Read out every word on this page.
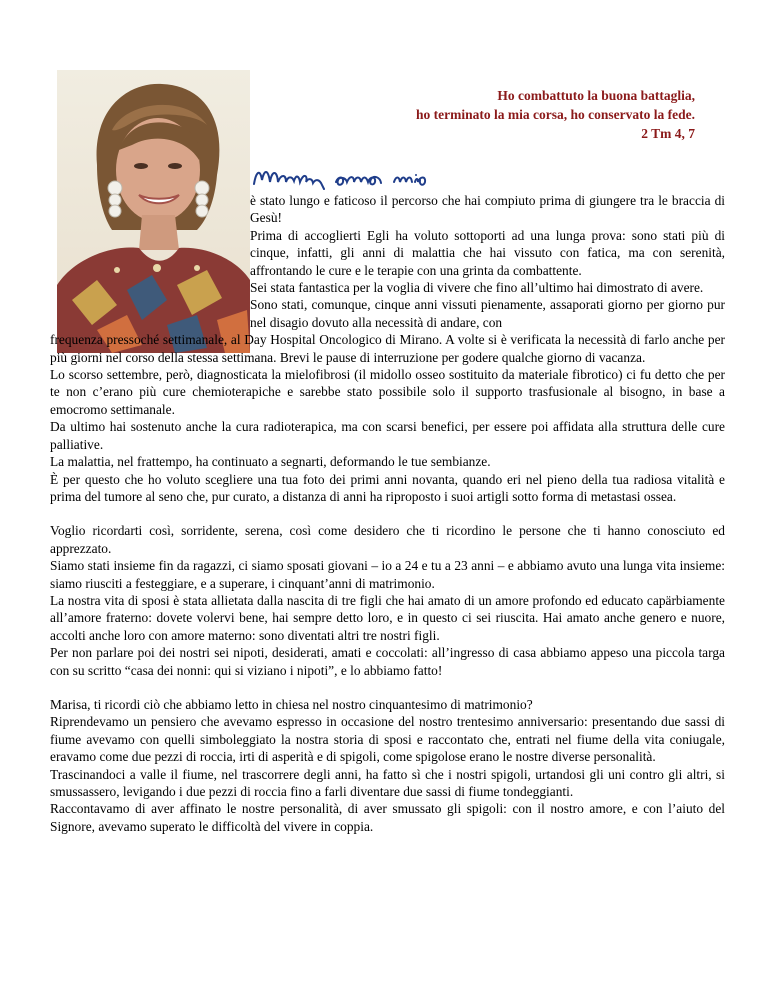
Ho combattuto la buona battaglia,
ho terminato la mia corsa, ho conservato la fede.
2 Tm 4, 7

è stato lungo e faticoso il percorso che hai compiuto prima di giungere tra le braccia di Gesù!

Prima di accoglierti Egli ha voluto sottoporti ad una lunga prova: sono stati più di cinque, infatti, gli anni di malattia che hai vissuto con fatica, ma con serenità, affrontando le cure e le terapie con una grinta da combattente.

Sei stata fantastica per la voglia di vivere che fino all’ultimo hai dimostrato di avere.

Sono stati, comunque, cinque anni vissuti pienamente, assaporati giorno per giorno pur nel disagio dovuto alla necessità di andare, con

frequenza pressoché settimanale, al Day Hospital Oncologico di Mirano. A volte si è verificata la necessità di farlo anche per più giorni nel corso della stessa settimana. Brevi le pause di interruzione per godere qualche giorno di vacanza.

Lo scorso settembre, però, diagnosticata la mielofibrosi (il midollo osseo sostituito da materiale fibrotico) ci fu detto che per te non c’erano più cure chemioterapiche e sarebbe stato possibile solo il supporto trasfusionale al bisogno, in base a emocromo settimanale.

Da ultimo hai sostenuto anche la cura radioterapica, ma con scarsi benefici, per essere poi affidata alla struttura delle cure palliative.

La malattia, nel frattempo, ha continuato a segnarti, deformando le tue sembianze.

È per questo che ho voluto scegliere una tua foto dei primi anni novanta, quando eri nel pieno della tua radiosa vitalità e prima del tumore al seno che, pur curato, a distanza di anni ha riproposto i suoi artigli sotto forma di metastasi ossea.

Voglio ricordarti così, sorridente, serena, così come desidero che ti ricordino le persone che ti hanno conosciuto ed apprezzato.

Siamo stati insieme fin da ragazzi, ci siamo sposati giovani – io a 24 e tu a 23 anni – e abbiamo avuto una lunga vita insieme: siamo riusciti a festeggiare, e a superare, i cinquant’anni di matrimonio.

La nostra vita di sposi è stata allietata dalla nascita di tre figli che hai amato di un amore profondo ed educato capärbiamente all’amore fraterno: dovete volervi bene, hai sempre detto loro, e in questo ci sei riuscita. Hai amato anche genero e nuore, accolti anche loro con amore materno: sono diventati altri tre nostri figli.

Per non parlare poi dei nostri sei nipoti, desiderati, amati e coccolati: all’ingresso di casa abbiamo appeso una piccola targa con su scritto “casa dei nonni: qui si viziano i nipoti”, e lo abbiamo fatto!

Marisa, ti ricordi ciò che abbiamo letto in chiesa nel nostro cinquantesimo di matrimonio?

Riprendevamo un pensiero che avevamo espresso in occasione del nostro trentesimo anniversario: presentando due sassi di fiume avevamo con quelli simboleggiato la nostra storia di sposi e raccontato che, entrati nel fiume della vita coniugale, eravamo come due pezzi di roccia, irti di asperità e di spigoli, come spigolose erano le nostre diverse personalità.

Trascinandoci a valle il fiume, nel trascorrere degli anni, ha fatto sì che i nostri spigoli, urtandosi gli uni contro gli altri, si smussassero, levigando i due pezzi di roccia fino a farli diventare due sassi di fiume tondeggianti.

Raccontavamo di aver affinato le nostre personalità, di aver smussato gli spigoli: con il nostro amore, e con l’aiuto del Signore, avevamo superato le difficoltà del vivere in coppia.
